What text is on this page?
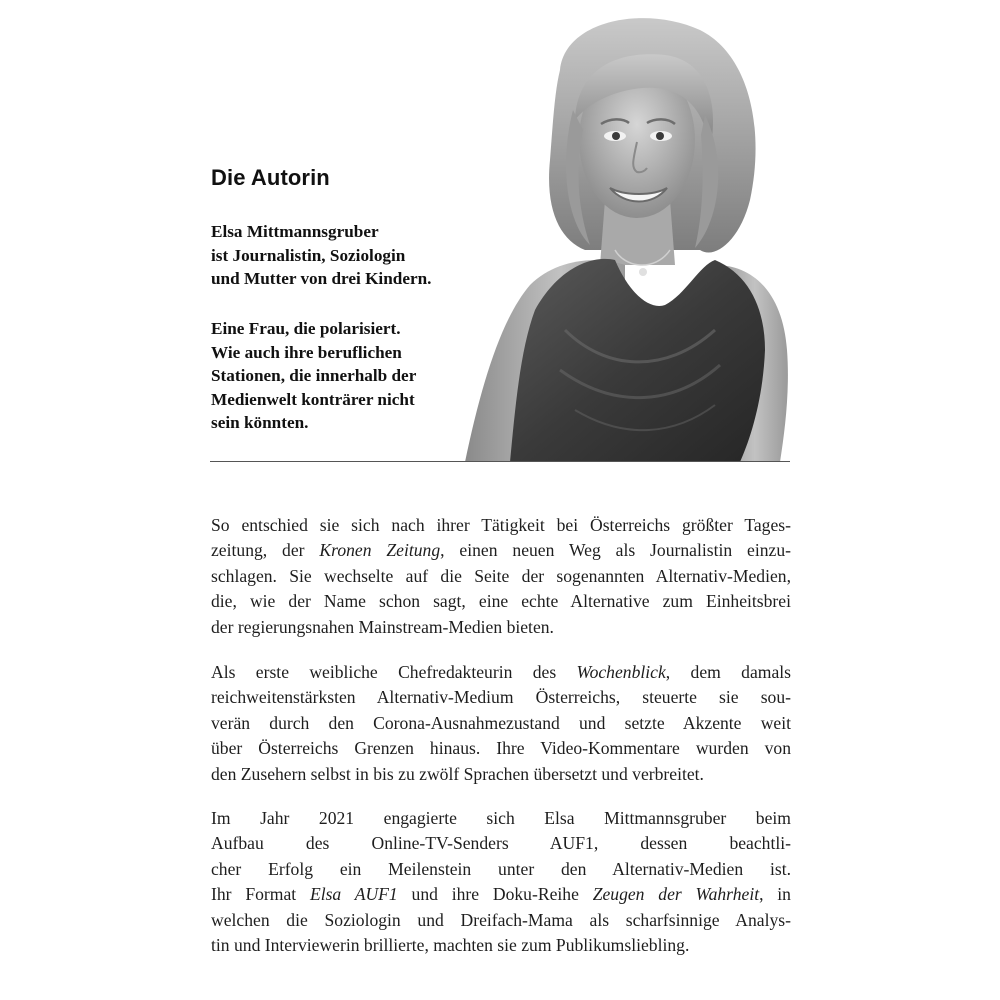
Die Autorin
Elsa Mittmannsgruber
ist Journalistin, Soziologin
und Mutter von drei Kindern.
Eine Frau, die polarisiert.
Wie auch ihre beruflichen
Stationen, die innerhalb der
Medienwelt konträrer nicht
sein könnten.
So entschied sie sich nach ihrer Tätigkeit bei Österreichs größter Tages-
zeitung, der Kronen Zeitung, einen neuen Weg als Journalistin einzu-
schlagen. Sie wechselte auf die Seite der sogenannten Alternativ-Medien,
die, wie der Name schon sagt, eine echte Alternative zum Einheitsbrei
der regierungsnahen Mainstream-Medien bieten.
Als erste weibliche Chefredakteurin des Wochenblick, dem damals
reichweitenstärksten Alternativ-Medium Österreichs, steuerte sie sou-
verän durch den Corona-Ausnahmezustand und setzte Akzente weit
über Österreichs Grenzen hinaus. Ihre Video-Kommentare wurden von
den Zusehern selbst in bis zu zwölf Sprachen übersetzt und verbreitet.
Im Jahr 2021 engagierte sich Elsa Mittmannsgruber beim
Aufbau des Online-TV-Senders AUF1, dessen beachtli-
cher Erfolg ein Meilenstein unter den Alternativ-Medien ist.
Ihr Format Elsa AUF1 und ihre Doku-Reihe Zeugen der Wahrheit, in
welchen die Soziologin und Dreifach-Mama als scharfsinnige Analys-
tin und Interviewerin brillierte, machten sie zum Publikumsliebling.
